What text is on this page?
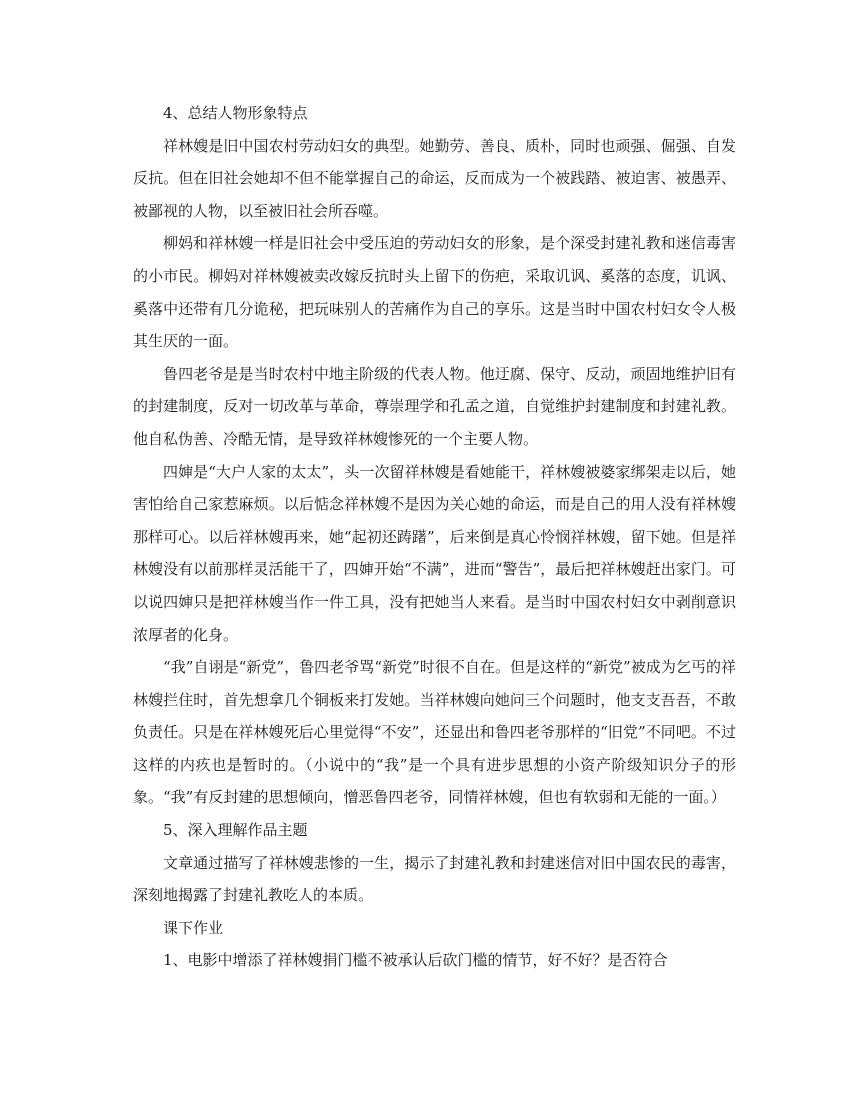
4、总结人物形象特点

祥林嫂是旧中国农村劳动妇女的典型。她勤劳、善良、质朴，同时也顽强、倔强、自发反抗。但在旧社会她却不但不能掌握自己的命运，反而成为一个被践踏、被迫害、被愚弄、被鄙视的人物，以至被旧社会所吞噬。

柳妈和祥林嫂一样是旧社会中受压迫的劳动妇女的形象，是个深受封建礼教和迷信毒害的小市民。柳妈对祥林嫂被卖改嫁反抗时头上留下的伤疤，采取讥讽、奚落的态度，讥讽、奚落中还带有几分诡秘，把玩味别人的苦痛作为自己的享乐。这是当时中国农村妇女令人极其生厌的一面。

鲁四老爷是是当时农村中地主阶级的代表人物。他迂腐、保守、反动，顽固地维护旧有的封建制度，反对一切改革与革命，尊崇理学和孔孟之道，自觉维护封建制度和封建礼教。他自私伪善、冷酷无情，是导致祥林嫂惨死的一个主要人物。

四婶是“大户人家的太太”，头一次留祥林嫂是看她能干，祥林嫂被婆家绑架走以后，她害怕给自己家惹麻烦。以后惦念祥林嫂不是因为关心她的命运，而是自己的用人没有祥林嫂那样可心。以后祥林嫂再来，她“起初还踌躇”，后来倒是真心怜悯祥林嫂，留下她。但是祥林嫂没有以前那样灵活能干了，四婶开始“不满”，进而“警告”，最后把祥林嫂赶出家门。可以说四婶只是把祥林嫂当作一件工具，没有把她当人来看。是当时中国农村妇女中剥削意识浓厚者的化身。

“我”自诩是“新党”，鲁四老爷骂“新党”时很不自在。但是这样的“新党”被成为乞丐的祥林嫂拦住时，首先想拿几个铜板来打发她。当祥林嫂向她问三个问题时，他支支吾吾，不敢负责任。只是在祥林嫂死后心里觉得“不安”，还显出和鲁四老爷那样的“旧党”不同吧。不过这样的内疚也是暂时的。（小说中的“我”是一个具有进步思想的小资产阶级知识分子的形象。“我”有反封建的思想倾向，憎恶鲁四老爷，同情祥林嫂，但也有软弱和无能的一面。）

5、深入理解作品主题

文章通过描写了祥林嫂悲惨的一生，揭示了封建礼教和封建迷信对旧中国农民的毒害，深刻地揭露了封建礼教吃人的本质。

课下作业

1、电影中增添了祥林嫂捐门槛不被承认后砍门槛的情节，好不好？是否符合
